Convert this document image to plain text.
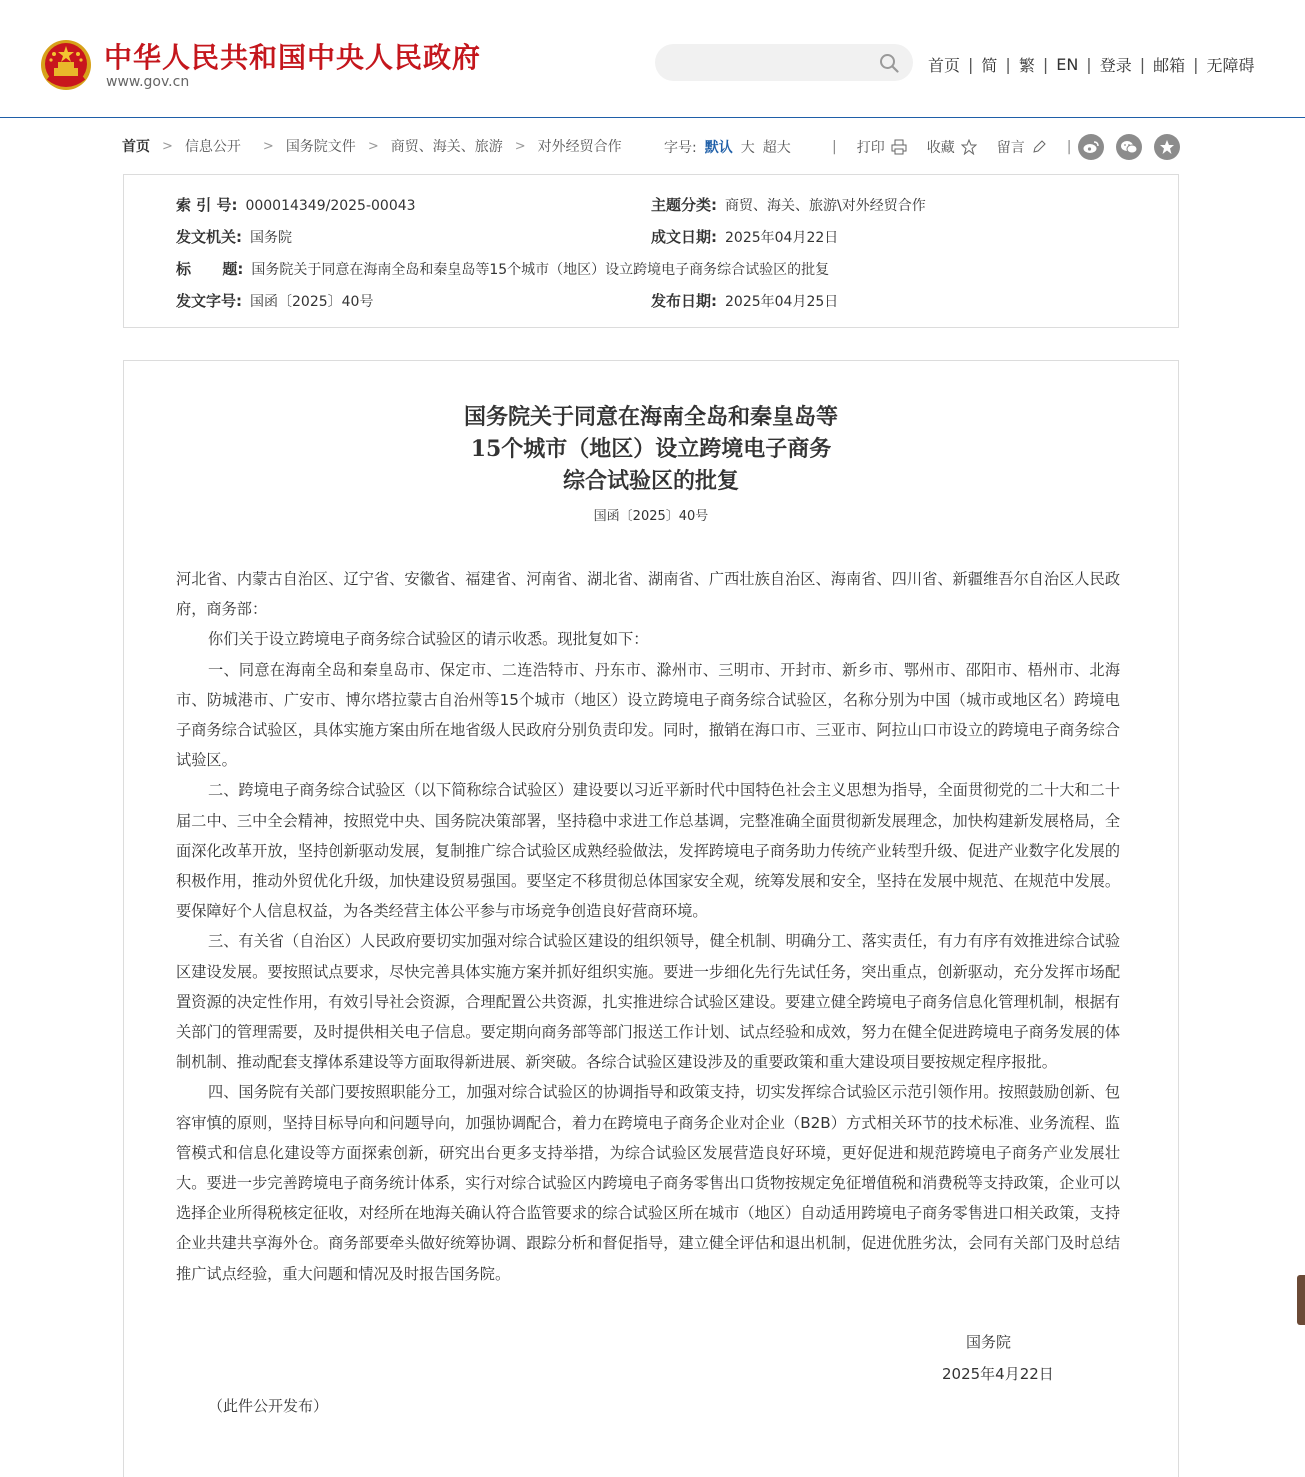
中华人民共和国中央人民政府
www.gov.cn
首页 | 简 | 繁 | EN | 登录 | 邮箱 | 无障碍
首页 > 信息公开 > 国务院文件 > 商贸、海关、旅游 > 对外经贸合作	字号: 默认 大 超大	| 打印	收藏	留言	|
索 引 号: 000014349/2025-00043	主题分类: 商贸、海关、旅游\对外经贸合作
发文机关: 国务院	成文日期: 2025年04月22日
标      题: 国务院关于同意在海南全岛和秦皇岛等15个城市（地区）设立跨境电子商务综合试验区的批复
发文字号: 国函〔2025〕40号	发布日期: 2025年04月25日
国务院关于同意在海南全岛和秦皇岛等
15个城市（地区）设立跨境电子商务
综合试验区的批复
国函〔2025〕40号

河北省、内蒙古自治区、辽宁省、安徽省、福建省、河南省、湖北省、湖南省、广西壮族自治区、海南省、四川省、新疆维吾尔自治区人民政府，商务部：

你们关于设立跨境电子商务综合试验区的请示收悉。现批复如下：

一、同意在海南全岛和秦皇岛市、保定市、二连浩特市、丹东市、滁州市、三明市、开封市、新乡市、鄂州市、邵阳市、梧州市、北海市、防城港市、广安市、博尔塔拉蒙古自治州等15个城市（地区）设立跨境电子商务综合试验区，名称分别为中国（城市或地区名）跨境电子商务综合试验区，具体实施方案由所在地省级人民政府分别负责印发。同时，撤销在海口市、三亚市、阿拉山口市设立的跨境电子商务综合试验区。

二、跨境电子商务综合试验区（以下简称综合试验区）建设要以习近平新时代中国特色社会主义思想为指导，全面贯彻党的二十大和二十届二中、三中全会精神，按照党中央、国务院决策部署，坚持稳中求进工作总基调，完整准确全面贯彻新发展理念，加快构建新发展格局，全面深化改革开放，坚持创新驱动发展，复制推广综合试验区成熟经验做法，发挥跨境电子商务助力传统产业转型升级、促进产业数字化发展的积极作用，推动外贸优化升级，加快建设贸易强国。要坚定不移贯彻总体国家安全观，统筹发展和安全，坚持在发展中规范、在规范中发展。要保障好个人信息权益，为各类经营主体公平参与市场竞争创造良好营商环境。

三、有关省（自治区）人民政府要切实加强对综合试验区建设的组织领导，健全机制、明确分工、落实责任，有力有序有效推进综合试验区建设发展。要按照试点要求，尽快完善具体实施方案并抓好组织实施。要进一步细化先行先试任务，突出重点，创新驱动，充分发挥市场配置资源的决定性作用，有效引导社会资源，合理配置公共资源，扎实推进综合试验区建设。要建立健全跨境电子商务信息化管理机制，根据有关部门的管理需要，及时提供相关电子信息。要定期向商务部等部门报送工作计划、试点经验和成效，努力在健全促进跨境电子商务发展的体制机制、推动配套支撑体系建设等方面取得新进展、新突破。各综合试验区建设涉及的重要政策和重大建设项目要按规定程序报批。

四、国务院有关部门要按照职能分工，加强对综合试验区的协调指导和政策支持，切实发挥综合试验区示范引领作用。按照鼓励创新、包容审慎的原则，坚持目标导向和问题导向，加强协调配合，着力在跨境电子商务企业对企业（B2B）方式相关环节的技术标准、业务流程、监管模式和信息化建设等方面探索创新，研究出台更多支持举措，为综合试验区发展营造良好环境，更好促进和规范跨境电子商务产业发展壮大。要进一步完善跨境电子商务统计体系，实行对综合试验区内跨境电子商务零售出口货物按规定免征增值税和消费税等支持政策，企业可以选择企业所得税核定征收，对经所在地海关确认符合监管要求的综合试验区所在城市（地区）自动适用跨境电子商务零售进口相关政策，支持企业共建共享海外仓。商务部要牵头做好统筹协调、跟踪分析和督促指导，建立健全评估和退出机制，促进优胜劣汰，会同有关部门及时总结推广试点经验，重大问题和情况及时报告国务院。

国务院
2025年4月22日
（此件公开发布）
